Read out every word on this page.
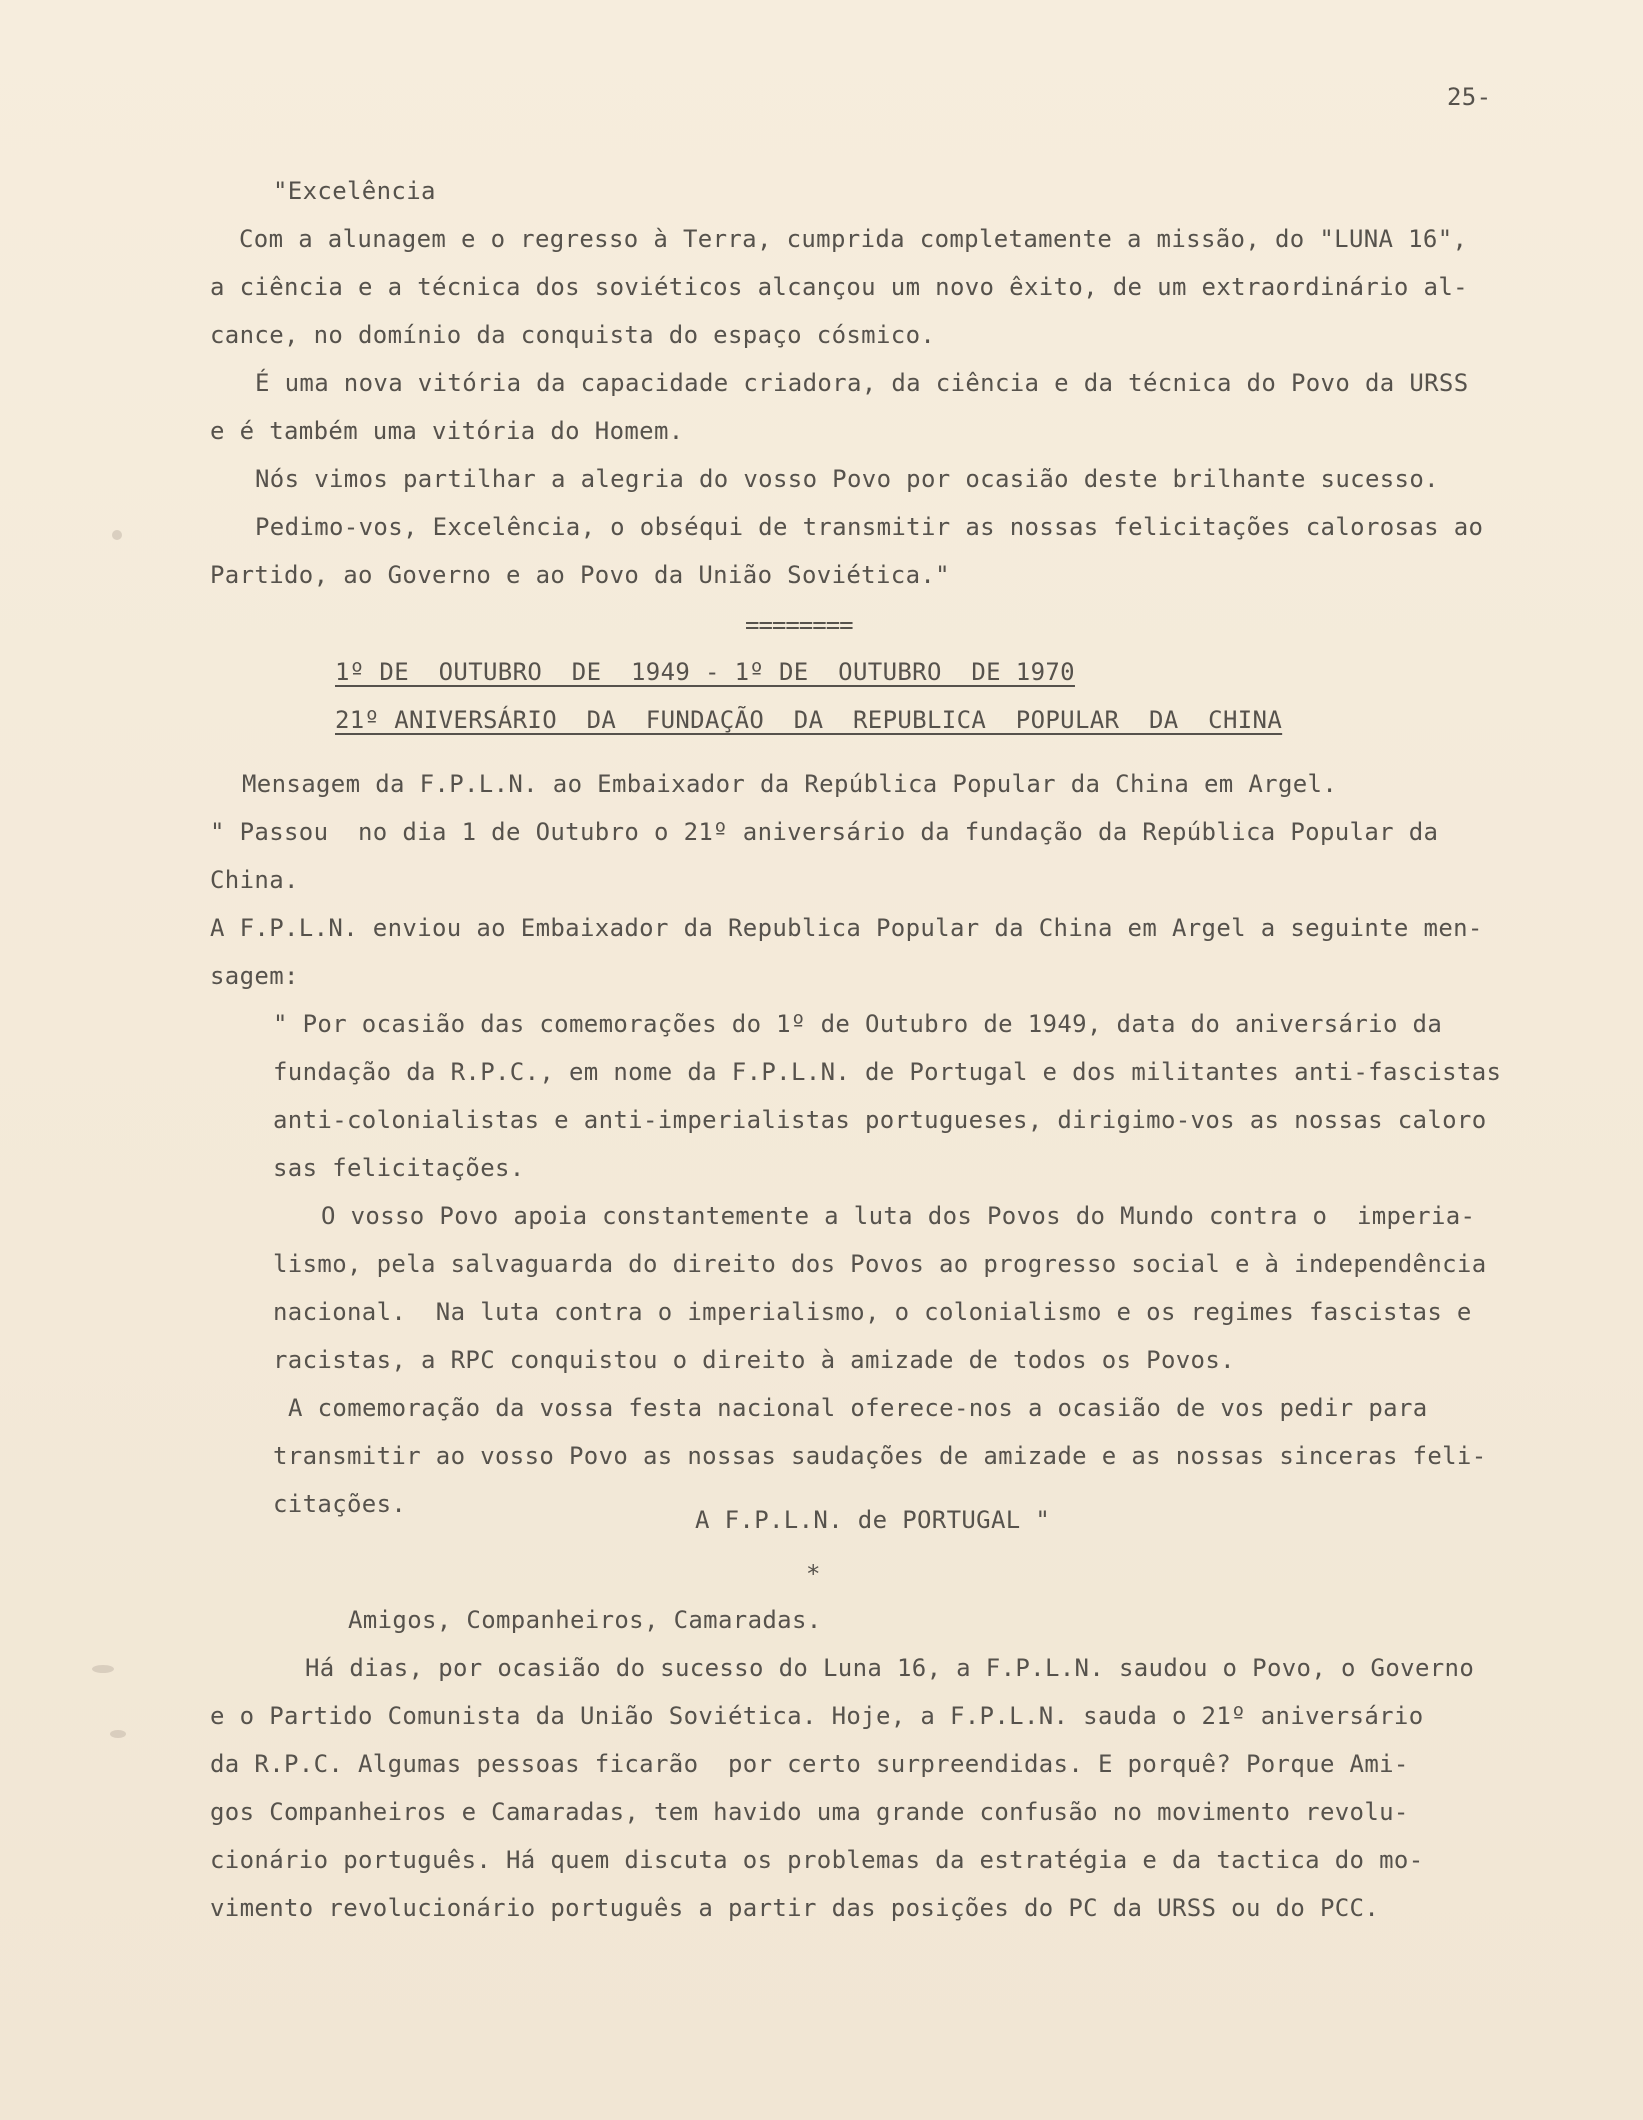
25-
"Excelência
Com a alunagem e o regresso à Terra, cumprida completamente a missão, do "LUNA 16",
a ciência e a técnica dos soviéticos alcançou um novo êxito, de um extraordinário al-
cance, no domínio da conquista do espaço cósmico.
É uma nova vitória da capacidade criadora, da ciência e da técnica do Povo da URSS
e é também uma vitória do Homem.
Nós vimos partilhar a alegria do vosso Povo por ocasião deste brilhante sucesso.
Pedimo-vos, Excelência, o obséqui de transmitir as nossas felicitações calorosas ao
Partido, ao Governo e ao Povo da União Soviética."
========
1º DE  OUTUBRO  DE  1949 - 1º DE  OUTUBRO  DE 1970
21º ANIVERSÁRIO  DA  FUNDAÇÃO  DA  REPUBLICA  POPULAR  DA  CHINA
Mensagem da F.P.L.N. ao Embaixador da República Popular da China em Argel.
" Passou  no dia 1 de Outubro o 21º aniversário da fundação da República Popular da
China.
A F.P.L.N. enviou ao Embaixador da Republica Popular da China em Argel a seguinte men-
sagem:
" Por ocasião das comemorações do 1º de Outubro de 1949, data do aniversário da
fundação da R.P.C., em nome da F.P.L.N. de Portugal e dos militantes anti-fascistas
anti-colonialistas e anti-imperialistas portugueses, dirigimo-vos as nossas caloro
sas felicitações.
O vosso Povo apoia constantemente a luta dos Povos do Mundo contra o  imperia-
lismo, pela salvaguarda do direito dos Povos ao progresso social e à independência
nacional.  Na luta contra o imperialismo, o colonialismo e os regimes fascistas e
racistas, a RPC conquistou o direito à amizade de todos os Povos.
A comemoração da vossa festa nacional oferece-nos a ocasião de vos pedir para
transmitir ao vosso Povo as nossas saudações de amizade e as nossas sinceras feli-
citações.
A F.P.L.N. de PORTUGAL "
*
Amigos, Companheiros, Camaradas.
Há dias, por ocasião do sucesso do Luna 16, a F.P.L.N. saudou o Povo, o Governo
e o Partido Comunista da União Soviética. Hoje, a F.P.L.N. sauda o 21º aniversário
da R.P.C. Algumas pessoas ficarão  por certo surpreendidas. E porquê? Porque Ami-
gos Companheiros e Camaradas, tem havido uma grande confusão no movimento revolu-
cionário português. Há quem discuta os problemas da estratégia e da tactica do mo-
vimento revolucionário português a partir das posições do PC da URSS ou do PCC.
